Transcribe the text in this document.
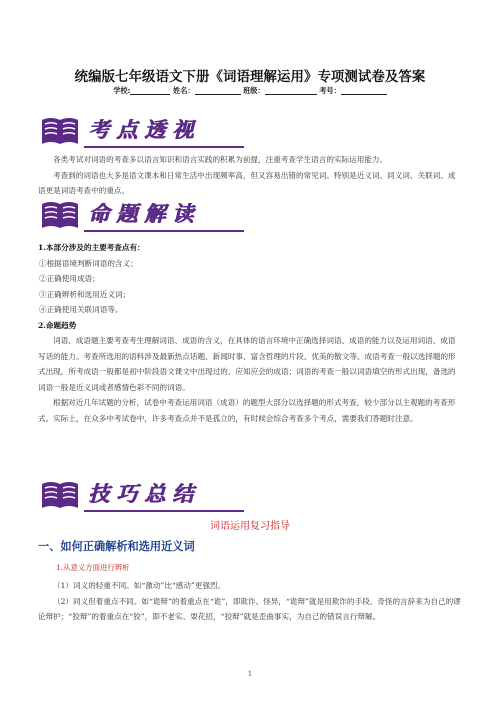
统编版七年级语文下册《词语理解运用》专项测试卷及答案
学校:	姓名：	班级：	考号：
考点透视

各类考试对词语的考查多以语言知识和语言实践的积累为前提，注重考查学生语言的实际运用能力。

考查到的词语也大多是语文课本和日常生活中出现频率高，但又容易出错的常见词。特别是近义词、同义词、关联词、成语更是词语考查中的重点。

命题解读

1.本部分涉及的主要考查点有：

①根据语境判断词语的含义；

②正确使用成语；

③正确辨析和选用近义词；

④正确使用关联词语等。

2.命题趋势

词语、成语题主要考查考生理解词语、成语的含义，在具体的语言环境中正确选择词语、成语的能力以及运用词语、成语写话的能力。考查所选用的语料涉及最新热点话题、新闻时事、富含哲理的片段、优美的散文等。成语考查一般以选择题的形式出现，所考成语一般都是初中阶段语文课文中出现过的、应知应会的成语；词语的考查一般以词语填空的形式出现，备选的词语一般是近义词或者感情色彩不同的词语。

根据对近几年试题的分析，试卷中考查运用词语（成语）的题型大部分以选择题的形式考查，较少部分以主观题的考查形式。实际上，在众多中考试卷中，许多考查点并不是孤立的，有时候会综合考查多个考点，需要我们答题时注意。

技巧总结
词语运用复习指导
一、如何正确解析和选用近义词
1.从意义方面进行辨析

（1）词义的轻重不同。如“激动”比“感动”更强烈。

（2）同义但着重点不同。如“诡辩”的着重点在“诡”，即欺诈、怪异，“诡辩”就是用欺诈的手段、奇怪的言辞来为自己的谬论辩护；“狡辩”的着重点在“狡”，即不老实、耍花招，“狡辩”就是歪曲事实，为自己的错误言行辩解。

1
